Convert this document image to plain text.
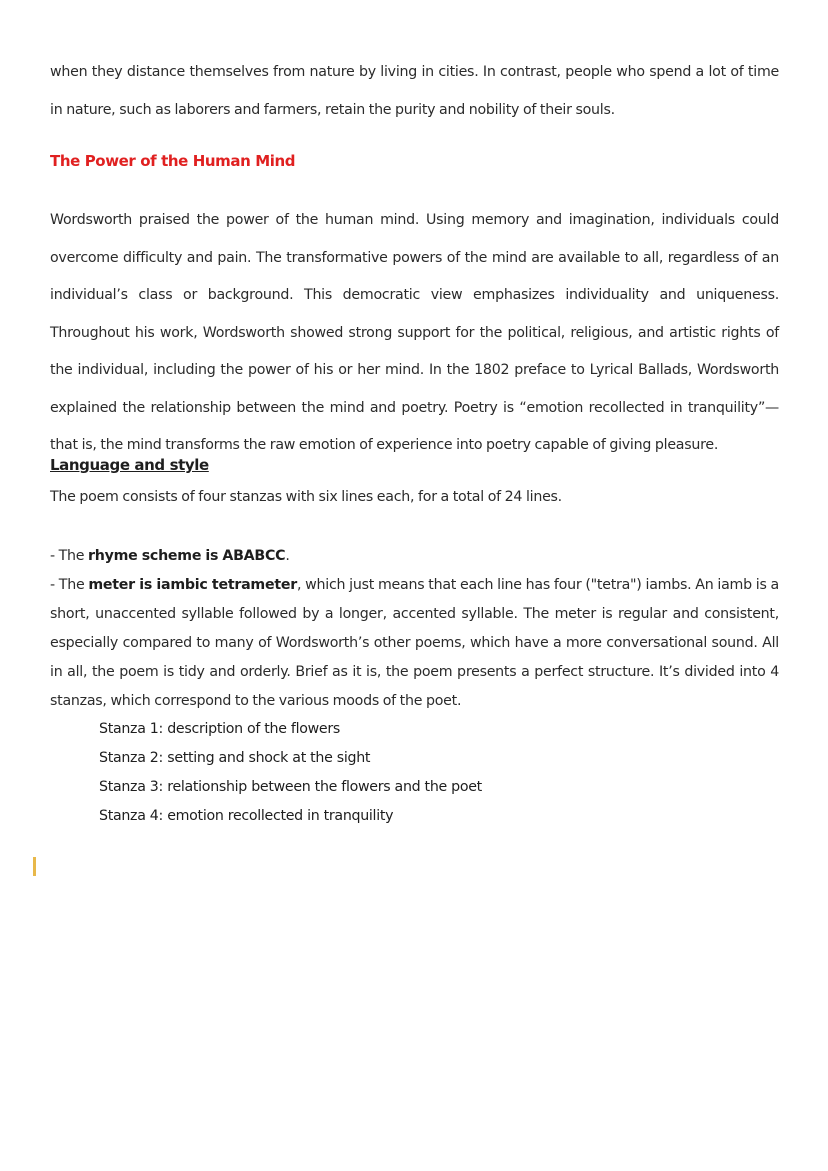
when they distance themselves from nature by living in cities. In contrast, people who spend a lot of time in nature, such as laborers and farmers, retain the purity and nobility of their souls.

The Power of the Human Mind

Wordsworth praised the power of the human mind. Using memory and imagination, individuals could overcome difficulty and pain. The transformative powers of the mind are available to all, regardless of an individual’s class or background. This democratic view emphasizes individuality and uniqueness. Throughout his work, Wordsworth showed strong support for the political, religious, and artistic rights of the individual, including the power of his or her mind. In the 1802 preface to Lyrical Ballads, Wordsworth explained the relationship between the mind and poetry. Poetry is “emotion recollected in tranquility”—that is, the mind transforms the raw emotion of experience into poetry capable of giving pleasure.

Language and style

The poem consists of four stanzas with six lines each, for a total of 24 lines.

- The rhyme scheme is ABABCC.

- The meter is iambic tetrameter, which just means that each line has four ("tetra") iambs. An iamb is a short, unaccented syllable followed by a longer, accented syllable. The meter is regular and consistent, especially compared to many of Wordsworth’s other poems, which have a more conversational sound. All in all, the poem is tidy and orderly. Brief as it is, the poem presents a perfect structure. It’s divided into 4 stanzas, which correspond to the various moods of the poet.

Stanza 1: description of the flowers
Stanza 2: setting and shock at the sight
Stanza 3: relationship between the flowers and the poet
Stanza 4: emotion recollected in tranquility
